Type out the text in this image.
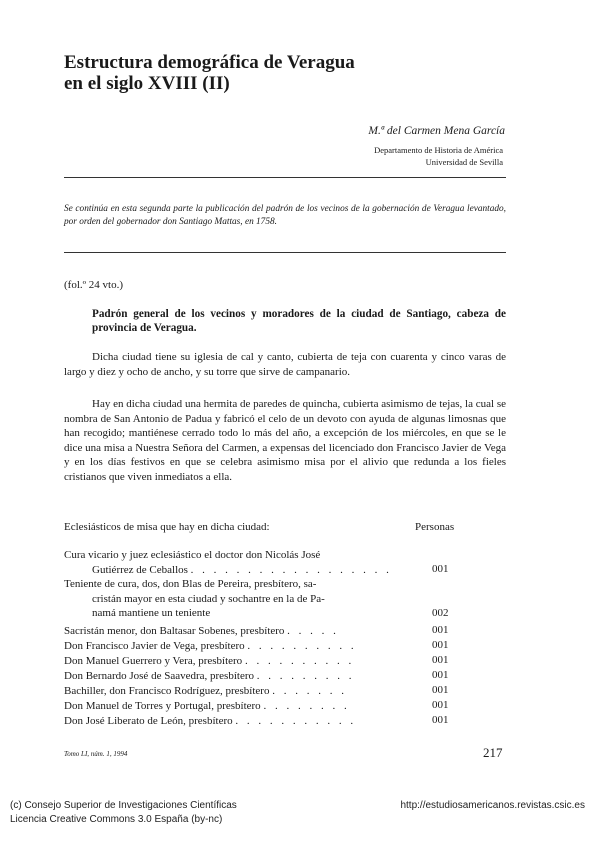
Estructura demográfica de Veragua
en el siglo XVIII (II)
M.ª del Carmen Mena García
Departamento de Historia de América
Universidad de Sevilla
Se continúa en esta segunda parte la publicación del padrón de los vecinos de la gobernación de Veragua levantado, por orden del gobernador don Santiago Mattas, en 1758.
(fol.º 24 vto.)
Padrón general de los vecinos y moradores de la ciudad de Santiago, cabeza de provincia de Veragua.
Dicha ciudad tiene su iglesia de cal y canto, cubierta de teja con cuarenta y cinco varas de largo y diez y ocho de ancho, y su torre que sirve de campanario.
Hay en dicha ciudad una hermita de paredes de quincha, cubierta asimismo de tejas, la cual se nombra de San Antonio de Padua y fabricó el celo de un devoto con ayuda de algunas limosnas que han recogido; mantiénese cerrado todo lo más del año, a excepción de los miércoles, en que se le dice una misa a Nuestra Señora del Carmen, a expensas del licenciado don Francisco Javier de Vega y en los días festivos en que se celebra asimismo misa por el alivio que redunda a los fieles cristianos que viven inmediatos a ella.
Eclesiásticos de misa que hay en dicha ciudad:	Personas
Cura vicario y juez eclesiástico el doctor don Nicolás José
Gutiérrez de Ceballos . . . . . . . . . . . . . . . . . .	001
Teniente de cura, dos, don Blas de Pereira, presbítero, sa-
cristán mayor en esta ciudad y sochantre en la de Pa-
namá mantiene un teniente	002
Sacristán menor, don Baltasar Sobenes, presbítero . . . . .	001
Don Francisco Javier de Vega, presbítero . . . . . . . . . .	001
Don Manuel Guerrero y Vera, presbítero . . . . . . . . . .	001
Don Bernardo José de Saavedra, presbítero . . . . . . . . .	001
Bachiller, don Francisco Rodríguez, presbítero . . . . . . .	001
Don Manuel de Torres y Portugal, presbítero . . . . . . . .	001
Don José Liberato de León, presbítero . . . . . . . . . . .	001
Tomo LI, núm. 1, 1994	217
(c) Consejo Superior de Investigaciones Científicas
Licencia Creative Commons 3.0 España (by-nc)
http://estudiosamericanos.revistas.csic.es
